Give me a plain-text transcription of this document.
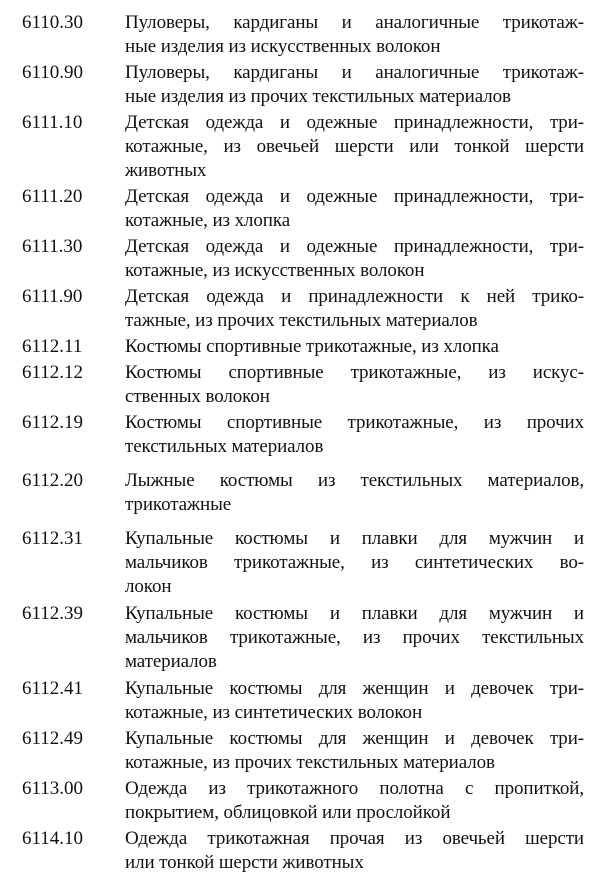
6110.30	Пуловеры, кардиганы и аналогичные трикотаж-
ные изделия из искусственных волокон
6110.90	Пуловеры, кардиганы и аналогичные трикотаж-
ные изделия из прочих текстильных материалов
6111.10	Детская одежда и одежные принадлежности, три-
котажные, из овечьей шерсти или тонкой шерсти
животных
6111.20	Детская одежда и одежные принадлежности, три-
котажные, из хлопка
6111.30	Детская одежда и одежные принадлежности, три-
котажные, из искусственных волокон
6111.90	Детская одежда и принадлежности к ней трико-
тажные, из прочих текстильных материалов
6112.11	Костюмы спортивные трикотажные, из хлопка
6112.12	Костюмы спортивные трикотажные, из искус-
ственных волокон
6112.19	Костюмы спортивные трикотажные, из прочих
текстильных материалов
6112.20	Лыжные костюмы из текстильных материалов,
трикотажные
6112.31	Купальные костюмы и плавки для мужчин и
мальчиков трикотажные, из синтетических во-
локон
6112.39	Купальные костюмы и плавки для мужчин и
мальчиков трикотажные, из прочих текстильных
материалов
6112.41	Купальные костюмы для женщин и девочек три-
котажные, из синтетических волокон
6112.49	Купальные костюмы для женщин и девочек три-
котажные, из прочих текстильных материалов
6113.00	Одежда из трикотажного полотна с пропиткой,
покрытием, облицовкой или прослойкой
6114.10	Одежда трикотажная прочая из овечьей шерсти
или тонкой шерсти животных
